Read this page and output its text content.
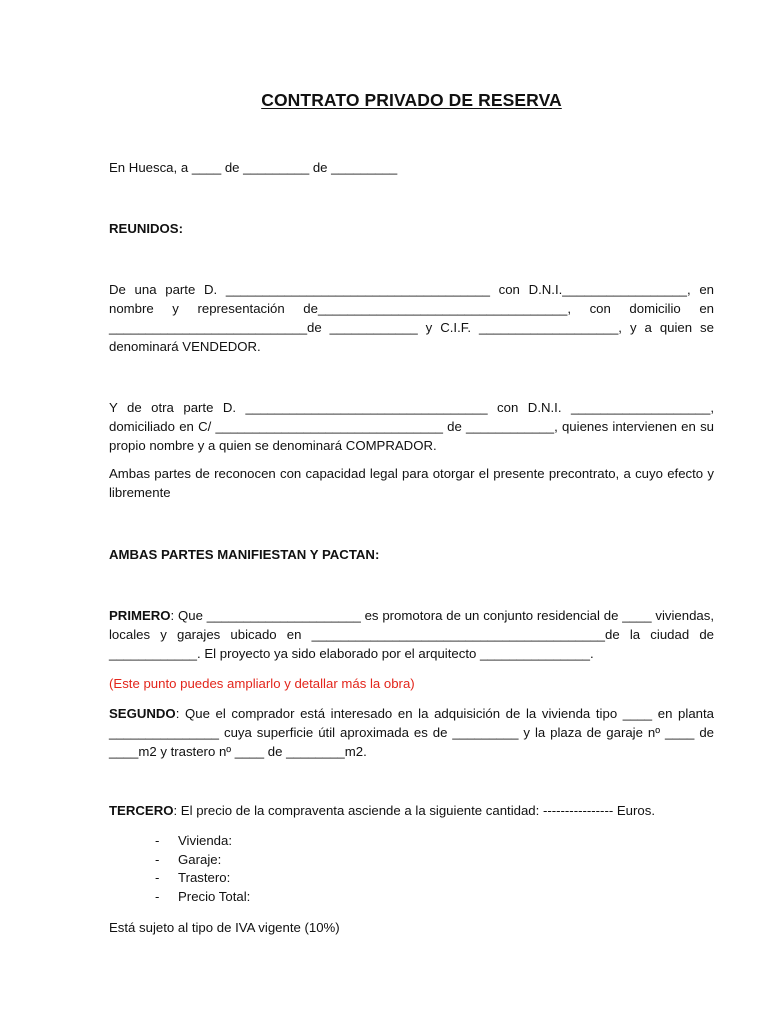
CONTRATO PRIVADO DE RESERVA

En Huesca, a ____ de _________ de _________

REUNIDOS:

De una parte D. ____________________________________ con D.N.I._________________, en nombre y representación de__________________________________, con domicilio en ___________________________de ____________ y C.I.F. ___________________, y a quien se denominará VENDEDOR.

Y de otra parte D. _________________________________ con D.N.I. ___________________, domiciliado en C/ _______________________________ de ____________, quienes intervienen en su propio nombre y a quien se denominará COMPRADOR.

Ambas partes de reconocen con capacidad legal para otorgar el presente precontrato, a cuyo efecto y libremente

AMBAS PARTES MANIFIESTAN Y PACTAN:

PRIMERO: Que _____________________ es promotora de un conjunto residencial de ____ viviendas, locales y garajes ubicado en ________________________________________de la ciudad de ____________. El proyecto ya sido elaborado por el arquitecto _______________.

(Este punto puedes ampliarlo y detallar más la obra)

SEGUNDO: Que el comprador está interesado en la adquisición de la vivienda tipo ____ en planta _______________ cuya superficie útil aproximada es de _________ y la plaza de garaje nº ____ de ____m2 y trastero nº ____ de ________m2.

TERCERO: El precio de la compraventa asciende a la siguiente cantidad: ---------------- Euros.

- Vivienda:
- Garaje:
- Trastero:
- Precio Total:

Está sujeto al tipo de IVA vigente (10%)
